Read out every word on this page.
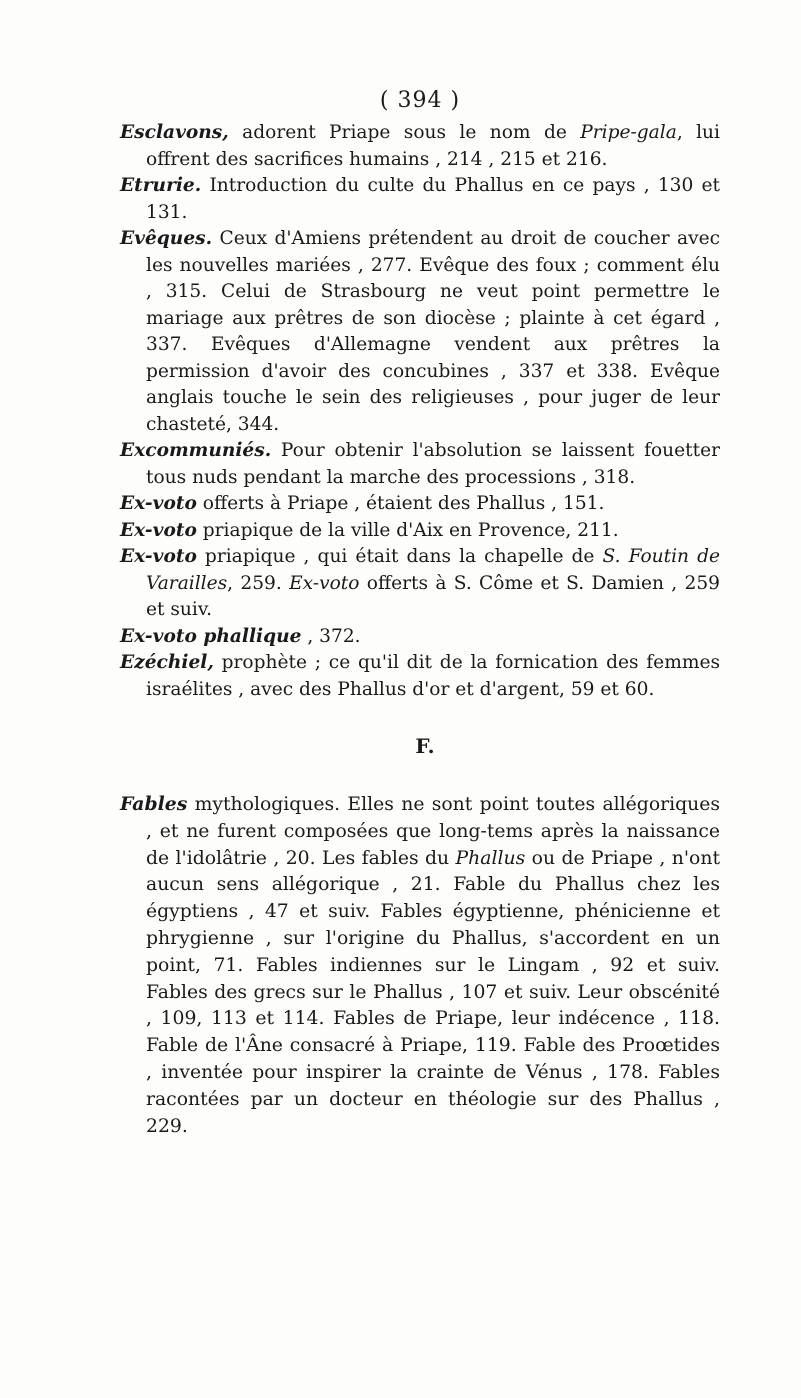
( 394 )

Esclavons, adorent Priape sous le nom de Pripe-gala, lui offrent des sacrifices humains , 214 , 215 et 216.

Etrurie. Introduction du culte du Phallus en ce pays , 130 et 131.

Evêques. Ceux d'Amiens prétendent au droit de coucher avec les nouvelles mariées , 277. Evêque des foux ; comment élu , 315. Celui de Strasbourg ne veut point permettre le mariage aux prêtres de son diocèse ; plainte à cet égard , 337. Evêques d'Allemagne vendent aux prêtres la permission d'avoir des concubines , 337 et 338. Evêque anglais touche le sein des religieuses , pour juger de leur chasteté, 344.

Excommuniés. Pour obtenir l'absolution se laissent fouetter tous nuds pendant la marche des processions , 318.

Ex-voto offerts à Priape , étaient des Phallus , 151.

Ex-voto priapique de la ville d'Aix en Provence, 211.

Ex-voto priapique , qui était dans la chapelle de S. Foutin de Varailles, 259. Ex-voto offerts à S. Côme et S. Damien , 259 et suiv.

Ex-voto phallique , 372.

Ezéchiel, prophète ; ce qu'il dit de la fornication des femmes israélites , avec des Phallus d'or et d'argent, 59 et 60.

F.

Fables mythologiques. Elles ne sont point toutes allégoriques , et ne furent composées que long-tems après la naissance de l'idolâtrie , 20. Les fables du Phallus ou de Priape , n'ont aucun sens allégorique , 21. Fable du Phallus chez les égyptiens , 47 et suiv. Fables égyptienne, phénicienne et phrygienne , sur l'origine du Phallus, s'accordent en un point, 71. Fables indiennes sur le Lingam , 92 et suiv. Fables des grecs sur le Phallus , 107 et suiv. Leur obscénité , 109, 113 et 114. Fables de Priape, leur indécence , 118. Fable de l'Âne consacré à Priape, 119. Fable des Proœtides , inventée pour inspirer la crainte de Vénus , 178. Fables racontées par un docteur en théologie sur des Phallus , 229.
